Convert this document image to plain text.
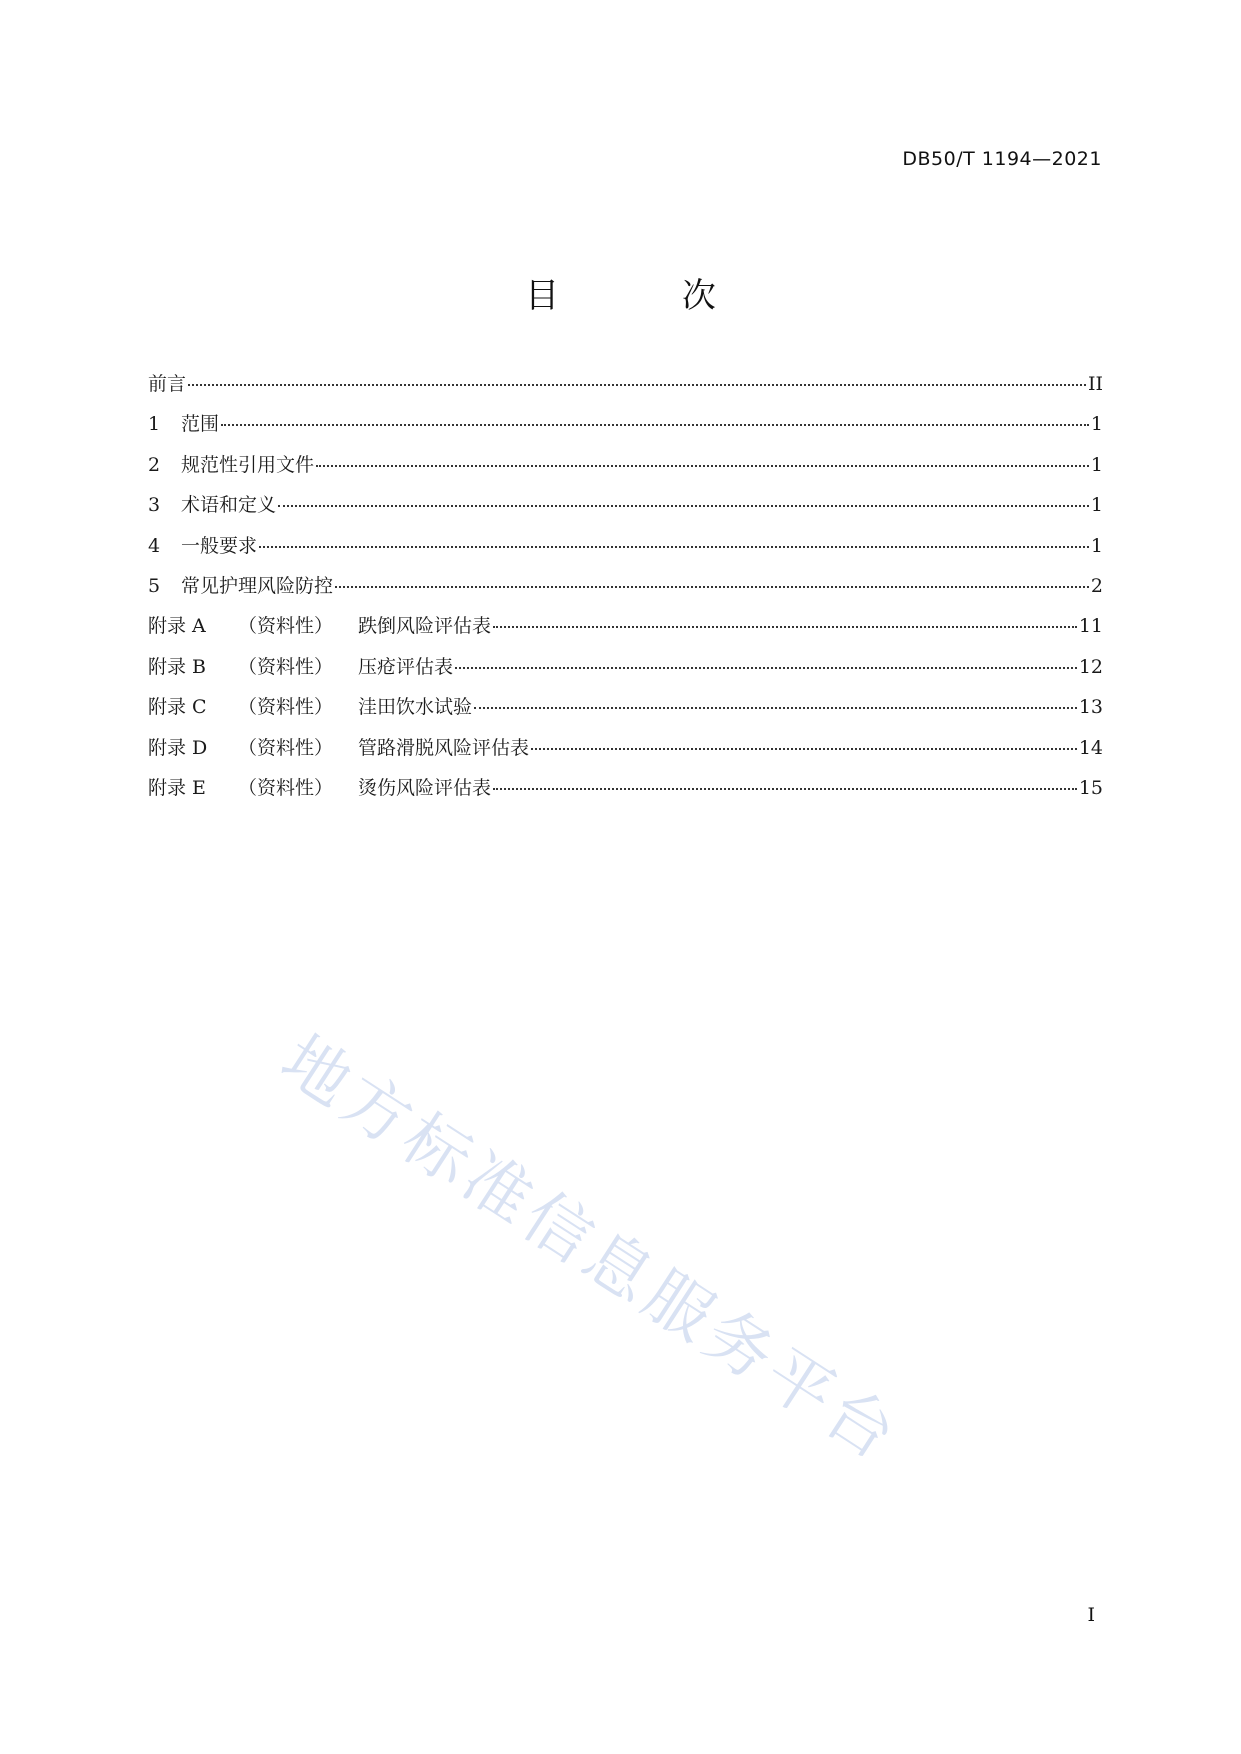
DB50/T 1194—2021
目 次
前言	II
1	范围	1
2	规范性引用文件	1
3	术语和定义	1
4	一般要求	1
5	常见护理风险防控	2
附录 A	（资料性）	跌倒风险评估表	11
附录 B	（资料性）	压疮评估表	12
附录 C	（资料性）	洼田饮水试验	13
附录 D	（资料性）	管路滑脱风险评估表	14
附录 E	（资料性）	烫伤风险评估表	15
地方标准信息服务平台
I
